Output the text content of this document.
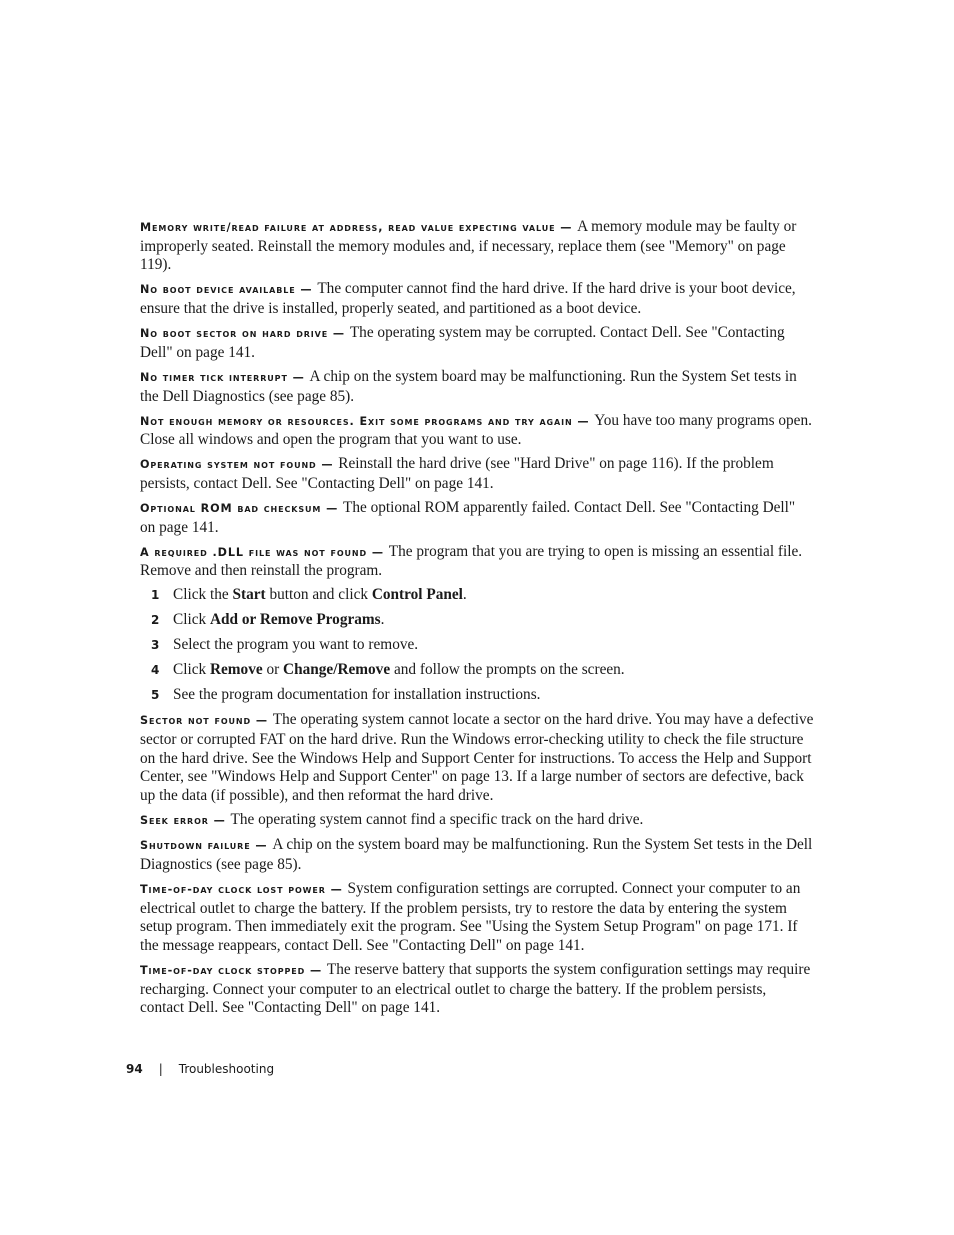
Memory write/read failure at address, read value expecting value — A memory module may be faulty or improperly seated. Reinstall the memory modules and, if necessary, replace them (see "Memory" on page 119).

No boot device available — The computer cannot find the hard drive. If the hard drive is your boot device, ensure that the drive is installed, properly seated, and partitioned as a boot device.

No boot sector on hard drive — The operating system may be corrupted. Contact Dell. See "Contacting Dell" on page 141.

No timer tick interrupt — A chip on the system board may be malfunctioning. Run the System Set tests in the Dell Diagnostics (see page 85).

Not enough memory or resources. Exit some programs and try again — You have too many programs open. Close all windows and open the program that you want to use.

Operating system not found — Reinstall the hard drive (see "Hard Drive" on page 116). If the problem persists, contact Dell. See "Contacting Dell" on page 141.

Optional ROM bad checksum — The optional ROM apparently failed. Contact Dell. See "Contacting Dell" on page 141.

A required .DLL file was not found — The program that you are trying to open is missing an essential file. Remove and then reinstall the program.

1 Click the Start button and click Control Panel.
2 Click Add or Remove Programs.
3 Select the program you want to remove.
4 Click Remove or Change/Remove and follow the prompts on the screen.
5 See the program documentation for installation instructions.

Sector not found — The operating system cannot locate a sector on the hard drive. You may have a defective sector or corrupted FAT on the hard drive. Run the Windows error-checking utility to check the file structure on the hard drive. See the Windows Help and Support Center for instructions. To access the Help and Support Center, see "Windows Help and Support Center" on page 13. If a large number of sectors are defective, back up the data (if possible), and then reformat the hard drive.

Seek error — The operating system cannot find a specific track on the hard drive.

Shutdown failure — A chip on the system board may be malfunctioning. Run the System Set tests in the Dell Diagnostics (see page 85).

Time-of-day clock lost power — System configuration settings are corrupted. Connect your computer to an electrical outlet to charge the battery. If the problem persists, try to restore the data by entering the system setup program. Then immediately exit the program. See "Using the System Setup Program" on page 171. If the message reappears, contact Dell. See "Contacting Dell" on page 141.

Time-of-day clock stopped — The reserve battery that supports the system configuration settings may require recharging. Connect your computer to an electrical outlet to charge the battery. If the problem persists, contact Dell. See "Contacting Dell" on page 141.

94 | Troubleshooting
